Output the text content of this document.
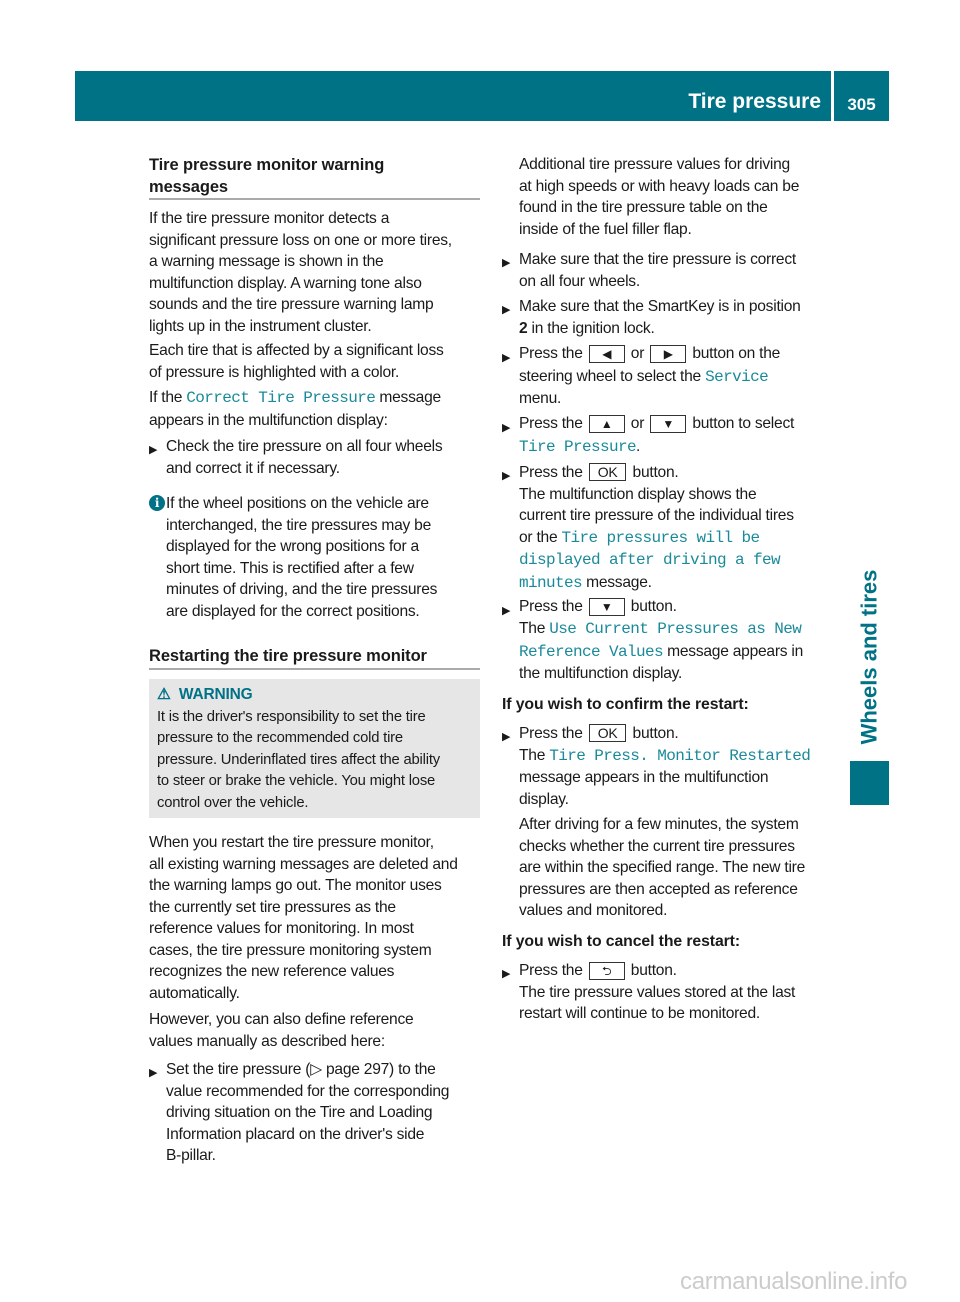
Tire pressure	305
Wheels and tires
Tire pressure monitor warning
messages
If the tire pressure monitor detects a
significant pressure loss on one or more tires,
a warning message is shown in the
multifunction display. A warning tone also
sounds and the tire pressure warning lamp
lights up in the instrument cluster.
Each tire that is affected by a significant loss
of pressure is highlighted with a color.
If the Correct Tire Pressure message
appears in the multifunction display:
▶ Check the tire pressure on all four wheels
and correct it if necessary.
i If the wheel positions on the vehicle are
interchanged, the tire pressures may be
displayed for the wrong positions for a
short time. This is rectified after a few
minutes of driving, and the tire pressures
are displayed for the correct positions.
Restarting the tire pressure monitor
⚠  WARNING
It is the driver's responsibility to set the tire
pressure to the recommended cold tire
pressure. Underinflated tires affect the ability
to steer or brake the vehicle. You might lose
control over the vehicle.
When you restart the tire pressure monitor,
all existing warning messages are deleted and
the warning lamps go out. The monitor uses
the currently set tire pressures as the
reference values for monitoring. In most
cases, the tire pressure monitoring system
recognizes the new reference values
automatically.
However, you can also define reference
values manually as described here:
▶ Set the tire pressure (▷ page 297) to the
value recommended for the corresponding
driving situation on the Tire and Loading
Information placard on the driver's side
B-pillar.
Additional tire pressure values for driving
at high speeds or with heavy loads can be
found in the tire pressure table on the
inside of the fuel filler flap.
▶ Make sure that the tire pressure is correct
on all four wheels.
▶ Make sure that the SmartKey is in position
2 in the ignition lock.
▶ Press the ◀ or ▶ button on the
steering wheel to select the Service
menu.
▶ Press the ▲ or ▼ button to select
Tire Pressure.
▶ Press the OK button.
The multifunction display shows the
current tire pressure of the individual tires
or the Tire pressures will be
displayed after driving a few
minutes message.
▶ Press the ▼ button.
The Use Current Pressures as New
Reference Values message appears in
the multifunction display.
If you wish to confirm the restart:
▶ Press the OK button.
The Tire Press. Monitor Restarted
message appears in the multifunction
display.
After driving for a few minutes, the system
checks whether the current tire pressures
are within the specified range. The new tire
pressures are then accepted as reference
values and monitored.
If you wish to cancel the restart:
▶ Press the ⮌ button.
The tire pressure values stored at the last
restart will continue to be monitored.
carmanualsonline.info
